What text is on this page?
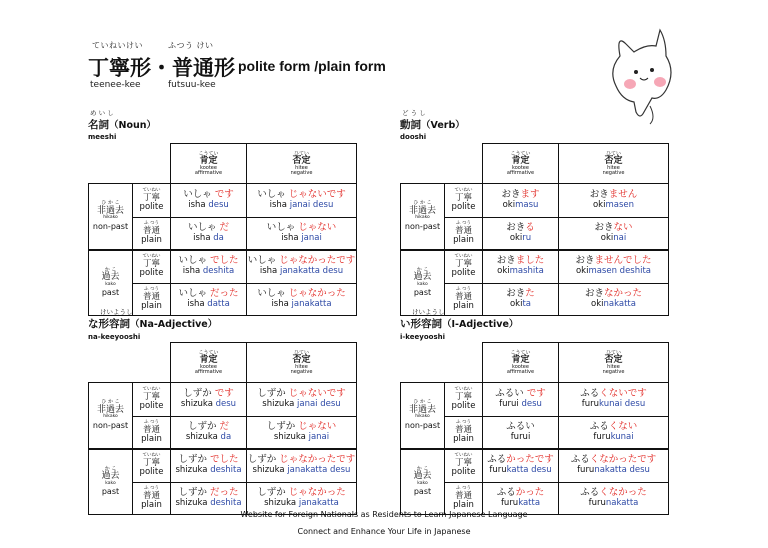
ていねいけい	ふつう けい
丁寧形・普通形 polite form /plain form
teenee-kee	futsuu-kee
め い し
名詞（Noun）
meeshi
ど う し
動詞（Verb）
dooshi
けいようし
な形容詞（Na-Adjective）
na-keeyooshi
けいようし
い形容詞（I-Adjective）
i-keeyooshi

		こうてい
肯定
kootee
affirmative	ひてい
否定
hitee
negative

ひ か こ
非過去
hikako
non-past	ていねい
丁寧
polite	いしゃ です
isha desu	いしゃ じゃないです
isha janai desu

	ふ つう
普通
plain	いしゃ だ
isha da	いしゃ じゃない
isha janai

か こ
過去
kako
past	ていねい
丁寧
polite	いしゃ でした
isha deshita	いしゃ じゃなかったです
isha janakatta desu

	ふ つう
普通
plain	いしゃ だった
isha datta	いしゃ じゃなかった
isha janakatta

		こうてい
肯定
kootee
affirmative	ひてい
否定
hitee
negative

ひ か こ
非過去
hikako
non-past	ていねい
丁寧
polite	おきます
okimasu	おきません
okimasen

	ふ つう
普通
plain	おきる
okiru	おきない
okinai

か こ
過去
kako
past	ていねい
丁寧
polite	おきました
okimashita	おきませんでした
okimasen deshita

	ふ つう
普通
plain	おきた
okita	おきなかった
okinakatta

		こうてい
肯定
kootee
affirmative	ひてい
否定
hitee
negative

ひ か こ
非過去
hikako
non-past	ていねい
丁寧
polite	しずか です
shizuka desu	しずか じゃないです
shizuka janai desu

	ふ つう
普通
plain	しずか だ
shizuka da	しずか じゃない
shizuka janai

か こ
過去
kako
past	ていねい
丁寧
polite	しずか でした
shizuka deshita	しずか じゃなかったです
shizuka janakatta desu

	ふ つう
普通
plain	しずか だった
shizuka deshita	しずか じゃなかった
shizuka janakatta

		こうてい
肯定
kootee
affirmative	ひてい
否定
hitee
negative

ひ か こ
非過去
hikako
non-past	ていねい
丁寧
polite	ふるい です
furui desu	ふるくないです
furukunai desu

	ふ つう
普通
plain	ふるい
furui	ふるくない
furukunai

か こ
過去
kako
past	ていねい
丁寧
polite	ふるかったです
furukatta desu	ふるくなかったです
furunakatta desu

	ふ つう
普通
plain	ふるかった
furukatta	ふるくなかった
furunakatta
Website for Foreign Nationals as Residents to Learn Japanese Language
Connect and Enhance Your Life in Japanese
